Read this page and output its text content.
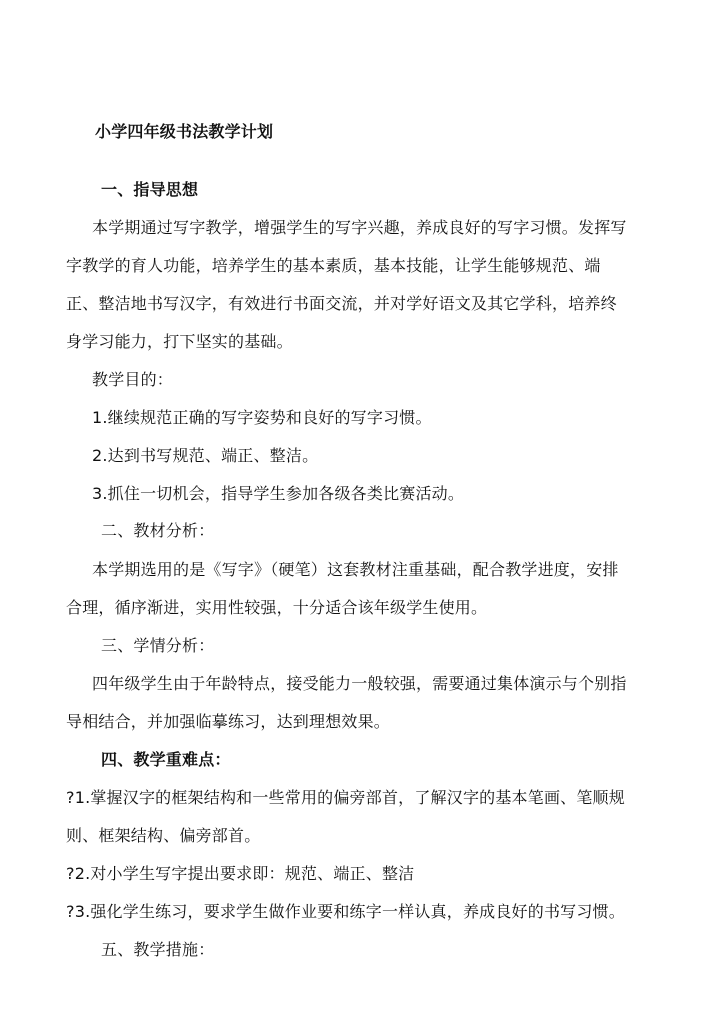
小学四年级书法教学计划
一、指导思想
本学期通过写字教学，增强学生的写字兴趣，养成良好的写字习惯。发挥写
字教学的育人功能，培养学生的基本素质，基本技能，让学生能够规范、端
正、整洁地书写汉字，有效进行书面交流，并对学好语文及其它学科，培养终
身学习能力，打下坚实的基础。
教学目的：
1.继续规范正确的写字姿势和良好的写字习惯。
2.达到书写规范、端正、整洁。
3.抓住一切机会，指导学生参加各级各类比赛活动。
二、教材分析：
本学期选用的是《写字》（硬笔）这套教材注重基础，配合教学进度，安排
合理，循序渐进，实用性较强，十分适合该年级学生使用。
三、学情分析：
四年级学生由于年龄特点，接受能力一般较强，需要通过集体演示与个别指
导相结合，并加强临摹练习，达到理想效果。
四、教学重难点：
?1.掌握汉字的框架结构和一些常用的偏旁部首，了解汉字的基本笔画、笔顺规
则、框架结构、偏旁部首。
?2.对小学生写字提出要求即：规范、端正、整洁
?3.强化学生练习，要求学生做作业要和练字一样认真，养成良好的书写习惯。
五、教学措施：
